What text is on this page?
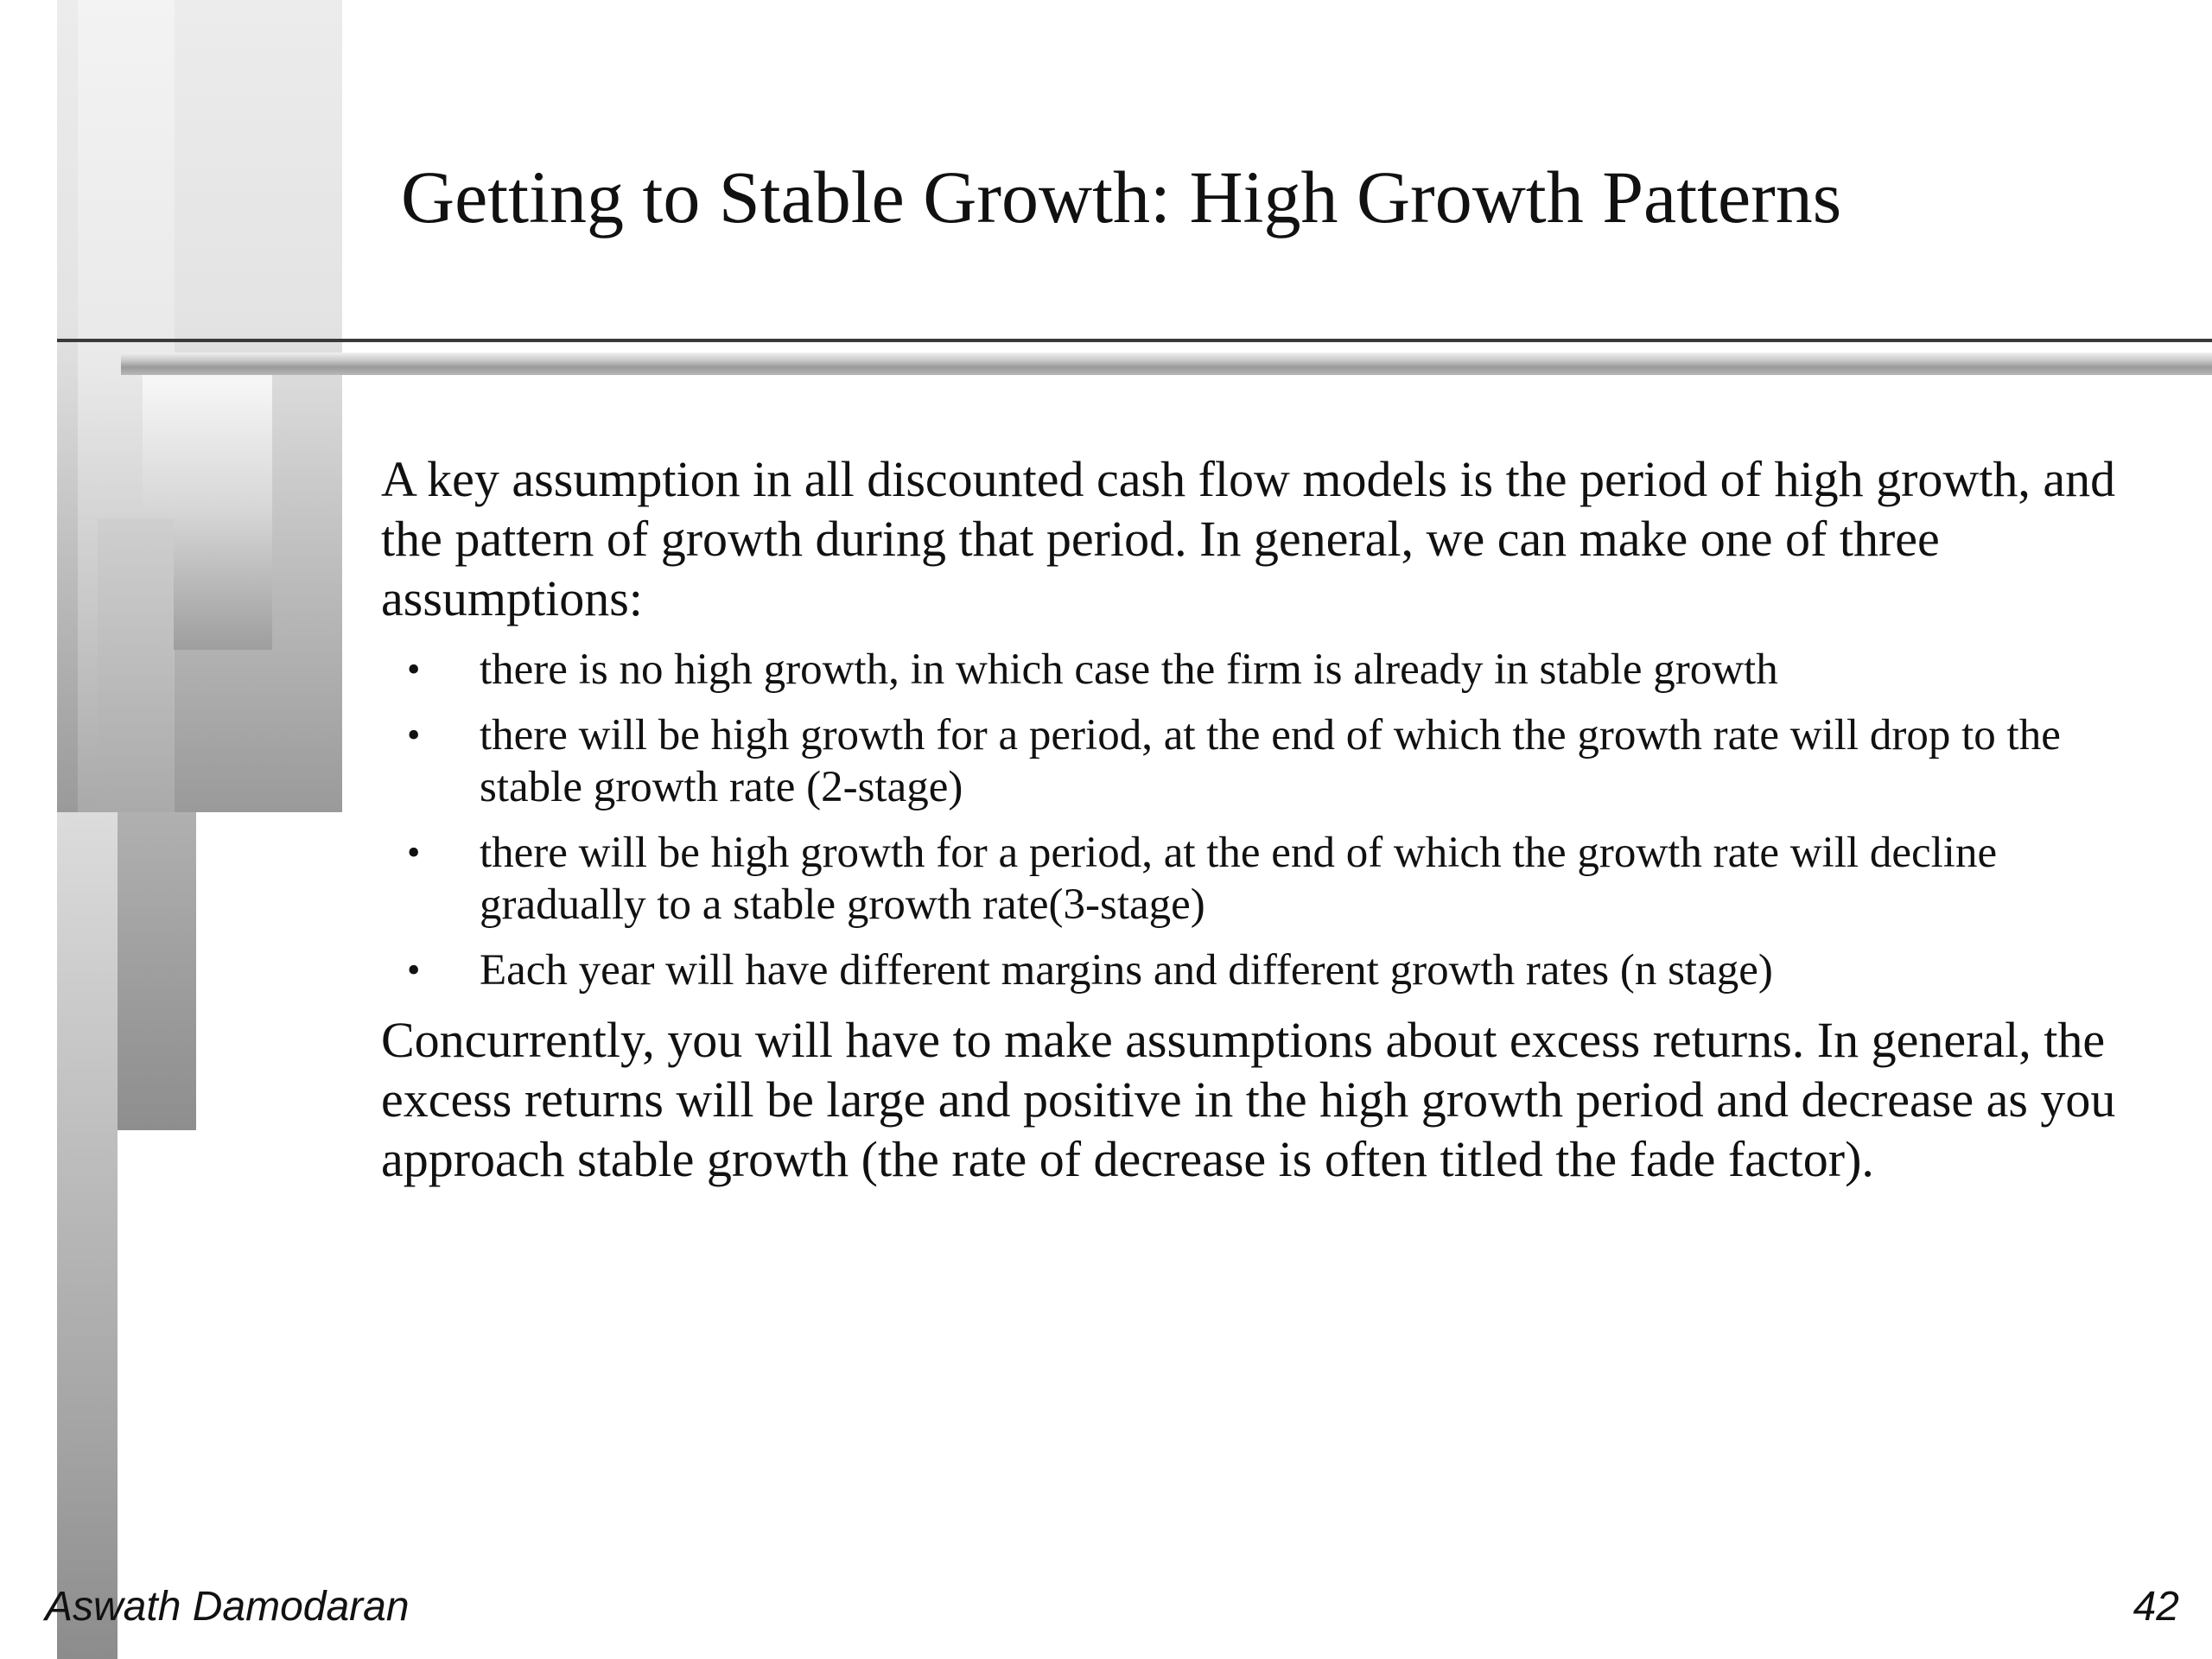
Getting to Stable Growth: High Growth Patterns

A key assumption in all discounted cash flow models is the period of high growth, and the pattern of growth during that period. In general, we can make one of three assumptions:

• there is no high growth, in which case the firm is already in stable growth
• there will be high growth for a period, at the end of which the growth rate will drop to the stable growth rate (2-stage)
• there will be high growth for a period, at the end of which the growth rate will decline gradually to a stable growth rate(3-stage)
• Each year will have different margins and different growth rates (n stage)

Concurrently, you will have to make assumptions about excess returns. In general, the excess returns will be large and positive in the high growth period and decrease as you approach stable growth (the rate of decrease is often titled the fade factor).

Aswath Damodaran	42
